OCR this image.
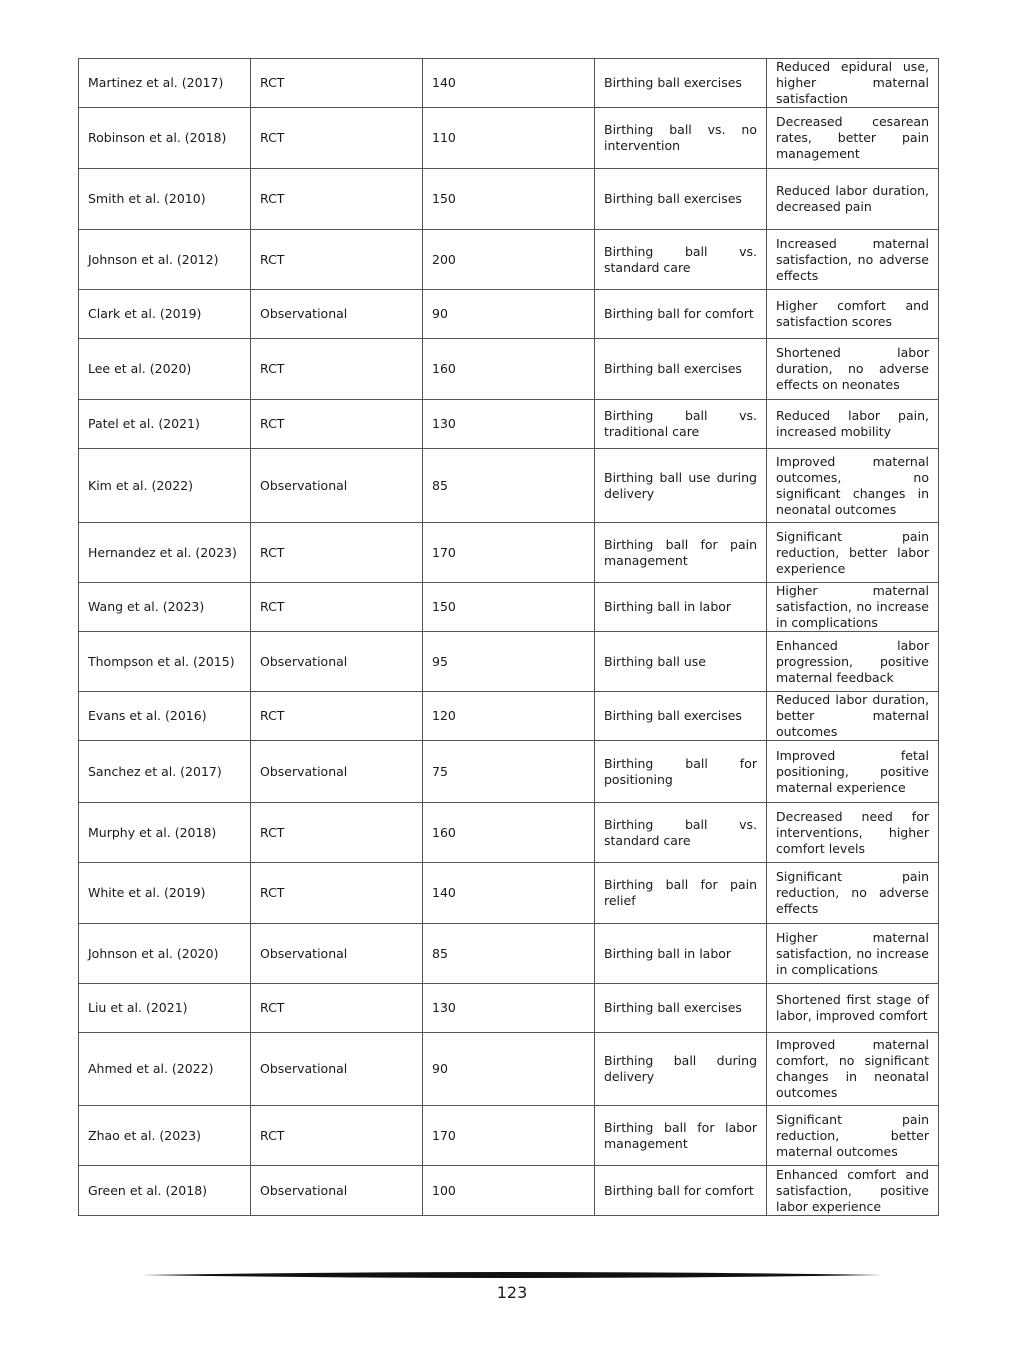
Martinez et al. (2017)	RCT	140	Birthing ball exercises	Reduced epidural use, higher maternal satisfaction
Robinson et al. (2018)	RCT	110	Birthing ball vs. no intervention	Decreased cesarean rates, better pain management
Smith et al. (2010)	RCT	150	Birthing ball exercises	Reduced labor duration, decreased pain
Johnson et al. (2012)	RCT	200	Birthing ball vs. standard care	Increased maternal satisfaction, no adverse effects
Clark et al. (2019)	Observational	90	Birthing ball for comfort	Higher comfort and satisfaction scores
Lee et al. (2020)	RCT	160	Birthing ball exercises	Shortened labor duration, no adverse effects on neonates
Patel et al. (2021)	RCT	130	Birthing ball vs. traditional care	Reduced labor pain, increased mobility
Kim et al. (2022)	Observational	85	Birthing ball use during delivery	Improved maternal outcomes, no significant changes in neonatal outcomes
Hernandez et al. (2023)	RCT	170	Birthing ball for pain management	Significant pain reduction, better labor experience
Wang et al. (2023)	RCT	150	Birthing ball in labor	Higher maternal satisfaction, no increase in complications
Thompson et al. (2015)	Observational	95	Birthing ball use	Enhanced labor progression, positive maternal feedback
Evans et al. (2016)	RCT	120	Birthing ball exercises	Reduced labor duration, better maternal outcomes
Sanchez et al. (2017)	Observational	75	Birthing ball for positioning	Improved fetal positioning, positive maternal experience
Murphy et al. (2018)	RCT	160	Birthing ball vs. standard care	Decreased need for interventions, higher comfort levels
White et al. (2019)	RCT	140	Birthing ball for pain relief	Significant pain reduction, no adverse effects
Johnson et al. (2020)	Observational	85	Birthing ball in labor	Higher maternal satisfaction, no increase in complications
Liu et al. (2021)	RCT	130	Birthing ball exercises	Shortened first stage of labor, improved comfort
Ahmed et al. (2022)	Observational	90	Birthing ball during delivery	Improved maternal comfort, no significant changes in neonatal outcomes
Zhao et al. (2023)	RCT	170	Birthing ball for labor management	Significant pain reduction, better maternal outcomes
Green et al. (2018)	Observational	100	Birthing ball for comfort	Enhanced comfort and satisfaction, positive labor experience
123
